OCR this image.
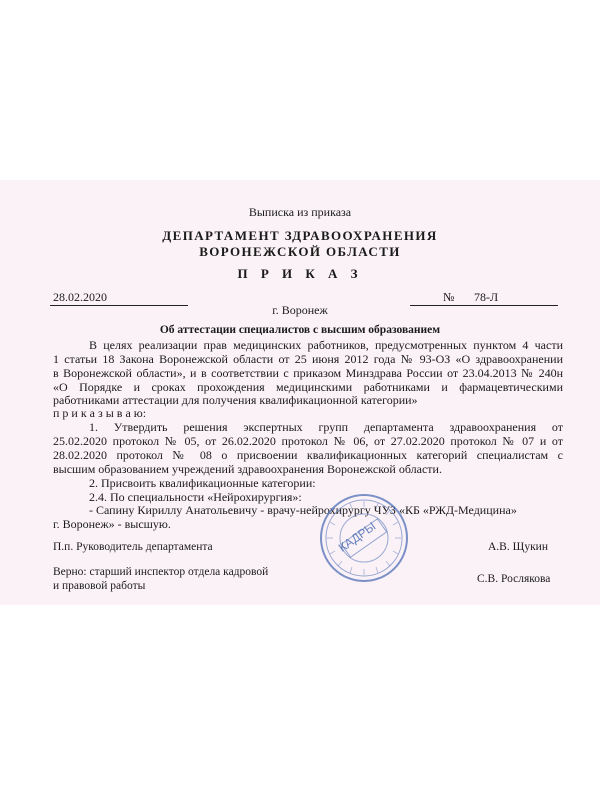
Выписка из приказа
ДЕПАРТАМЕНТ ЗДРАВООХРАНЕНИЯ
ВОРОНЕЖСКОЙ ОБЛАСТИ
П Р И К А З
28.02.2020
г. Воронеж
№ 78-Л
Об аттестации специалистов с высшим образованием
В целях реализации прав медицинских работников, предусмотренных пунктом 4 части
1 статьи 18 Закона Воронежской области от 25 июня 2012 года № 93-ОЗ «О здравоохранении
в Воронежской области», и в соответствии с приказом Минздрава России от 23.04.2013 № 240н
«О Порядке и сроках прохождения медицинскими работниками и фармацевтическими
работниками аттестации для получения квалификационной категории»
п р и к а з ы в а ю:
1. Утвердить решения экспертных групп департамента здравоохранения от
25.02.2020 протокол № 05, от 26.02.2020 протокол № 06, от 27.02.2020 протокол № 07 и от
28.02.2020 протокол № 08 о присвоении квалификационных категорий специалистам с
высшим образованием учреждений здравоохранения Воронежской области.
2. Присвоить квалификационные категории:
2.4. По специальности «Нейрохирургия»:
- Сапину Кириллу Анатольевичу - врачу-нейрохирургу ЧУЗ «КБ «РЖД-Медицина»
г. Воронеж» - высшую.	КАДРЫ
П.п. Руководитель департамента	А.В. Щукин
Верно: старший инспектор отдела кадровой
и правовой работы
С.В. Рослякова
